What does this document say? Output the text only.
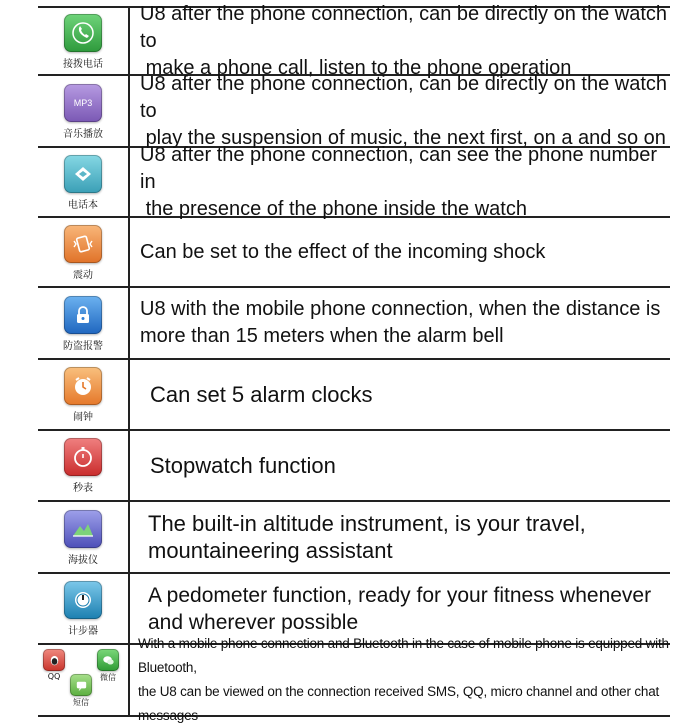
接拨电话

U8 after the phone connection, can be directly on the watch to
make a phone call, listen to the phone operation

MP3
音乐播放

U8 after the phone connection, can be directly on the watch to
play the suspension of music, the next first, on a and so on

电话本

U8 after the phone connection, can see the phone number in
the presence of the phone inside the watch

震动

Can be set to the effect of the incoming shock

防盗报警

U8 with the mobile phone connection, when the distance is
more than 15 meters when the alarm bell

闹钟

Can set 5 alarm clocks

秒表

Stopwatch function

海拔仪

The built-in altitude instrument, is your travel,
mountaineering assistant

计步器

A pedometer function, ready for your fitness whenever
and wherever possible

QQ	微信
短信

With a mobile phone connection and Bluetooth in the case of mobile phone is equipped with Bluetooth,
the U8 can be viewed on the connection received SMS, QQ, micro channel and other chat messages
